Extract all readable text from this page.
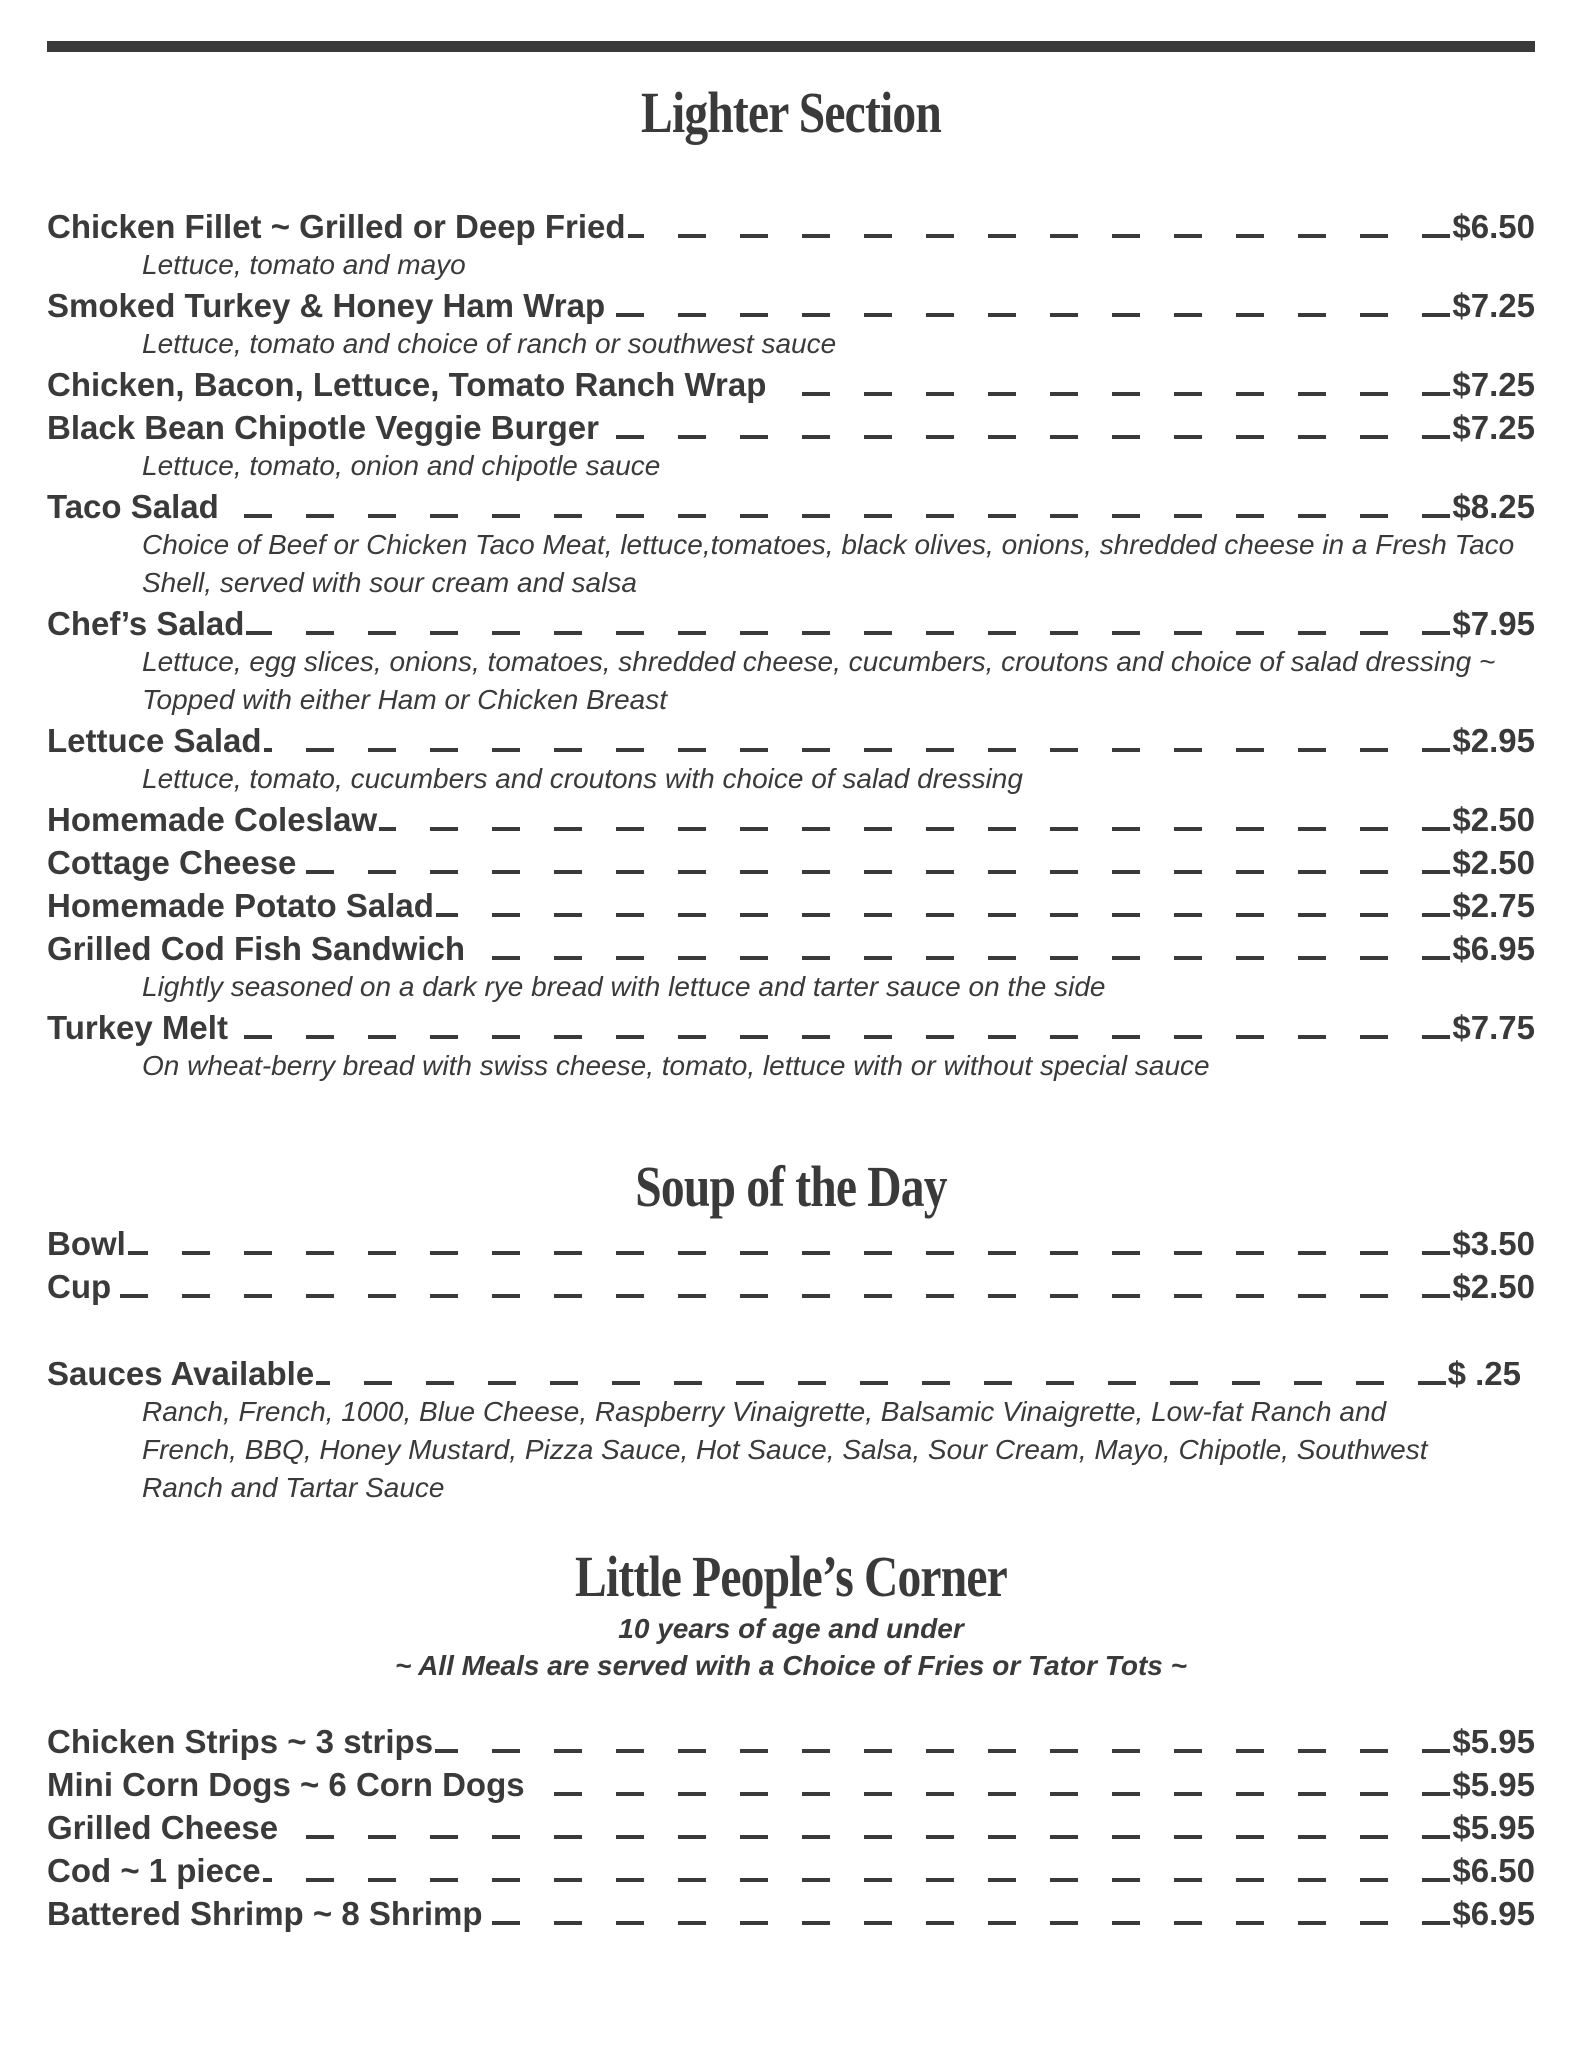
Lighter Section
Chicken Fillet ~ Grilled or Deep Fried	$6.50

Lettuce, tomato and mayo

Smoked Turkey & Honey Ham Wrap	$7.25

Lettuce, tomato and choice of ranch or southwest sauce

Chicken, Bacon, Lettuce, Tomato Ranch Wrap	$7.25
Black Bean Chipotle Veggie Burger	$7.25

Lettuce, tomato, onion and chipotle sauce

Taco Salad	$8.25

Choice of Beef or Chicken Taco Meat, lettuce,tomatoes, black olives, onions, shredded cheese in a Fresh Taco Shell, served with sour cream and salsa

Chef’s Salad	$7.95

Lettuce, egg slices, onions, tomatoes, shredded cheese, cucumbers, croutons and choice of salad dressing ~ Topped with either Ham or Chicken Breast

Lettuce Salad	$2.95

Lettuce, tomato, cucumbers and croutons with choice of salad dressing

Homemade Coleslaw	$2.50
Cottage Cheese	$2.50
Homemade Potato Salad	$2.75
Grilled Cod Fish Sandwich	$6.95

Lightly seasoned on a dark rye bread with lettuce and tarter sauce on the side

Turkey Melt	$7.75

On wheat-berry bread with swiss cheese, tomato, lettuce with or without special sauce

Soup of the Day
Bowl	$3.50
Cup	$2.50
Sauces Available	$ .25

Ranch, French, 1000, Blue Cheese, Raspberry Vinaigrette, Balsamic Vinaigrette, Low-fat Ranch and French, BBQ, Honey Mustard, Pizza Sauce, Hot Sauce, Salsa, Sour Cream, Mayo, Chipotle, Southwest Ranch and Tartar Sauce

Little People’s Corner

10 years of age and under

~ All Meals are served with a Choice of Fries or Tator Tots ~

Chicken Strips ~ 3 strips	$5.95
Mini Corn Dogs ~ 6 Corn Dogs	$5.95
Grilled Cheese	$5.95
Cod ~ 1 piece	$6.50
Battered Shrimp ~ 8 Shrimp	$6.95
